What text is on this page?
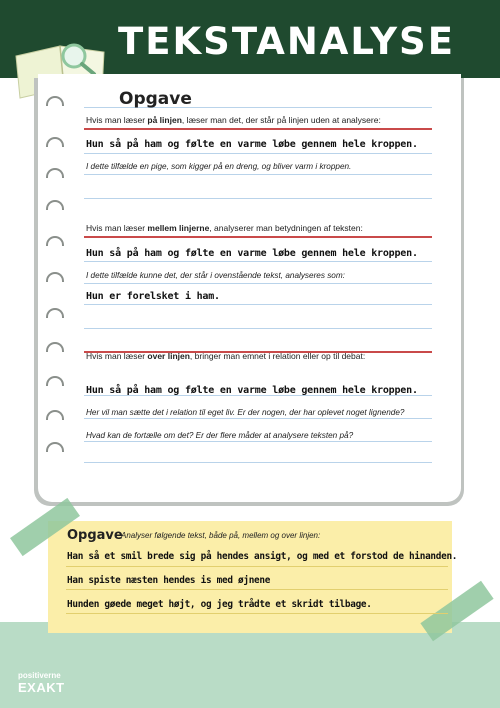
TEKSTANALYSE
positiverne
EXAKT
Opgave
Hvis man læser på linjen, læser man det, der står på linjen uden at analysere:
Hun så på ham og følte en varme løbe gennem hele kroppen.
I dette tilfælde en pige, som kigger på en dreng, og bliver varm i kroppen.
Hvis man læser mellem linjerne, analyserer man betydningen af teksten:
Hun så på ham og følte en varme løbe gennem hele kroppen.
I dette tilfælde kunne det, der står i ovenstående tekst, analyseres som:
Hun er forelsket i ham.
Hvis man læser over linjen, bringer man emnet i relation eller op til debat:
Hun så på ham og følte en varme løbe gennem hele kroppen.
Her vil man sætte det i relation til eget liv. Er der nogen, der har oplevet noget lignende?
Hvad kan de fortælle om det? Er der flere måder at analysere teksten på?
Opgave
Analyser følgende tekst, både på, mellem og over linjen:
Han så et smil brede sig på hendes ansigt, og med et forstod de hinanden.
Han spiste næsten hendes is med øjnene
Hunden gøede meget højt, og jeg trådte et skridt tilbage.
